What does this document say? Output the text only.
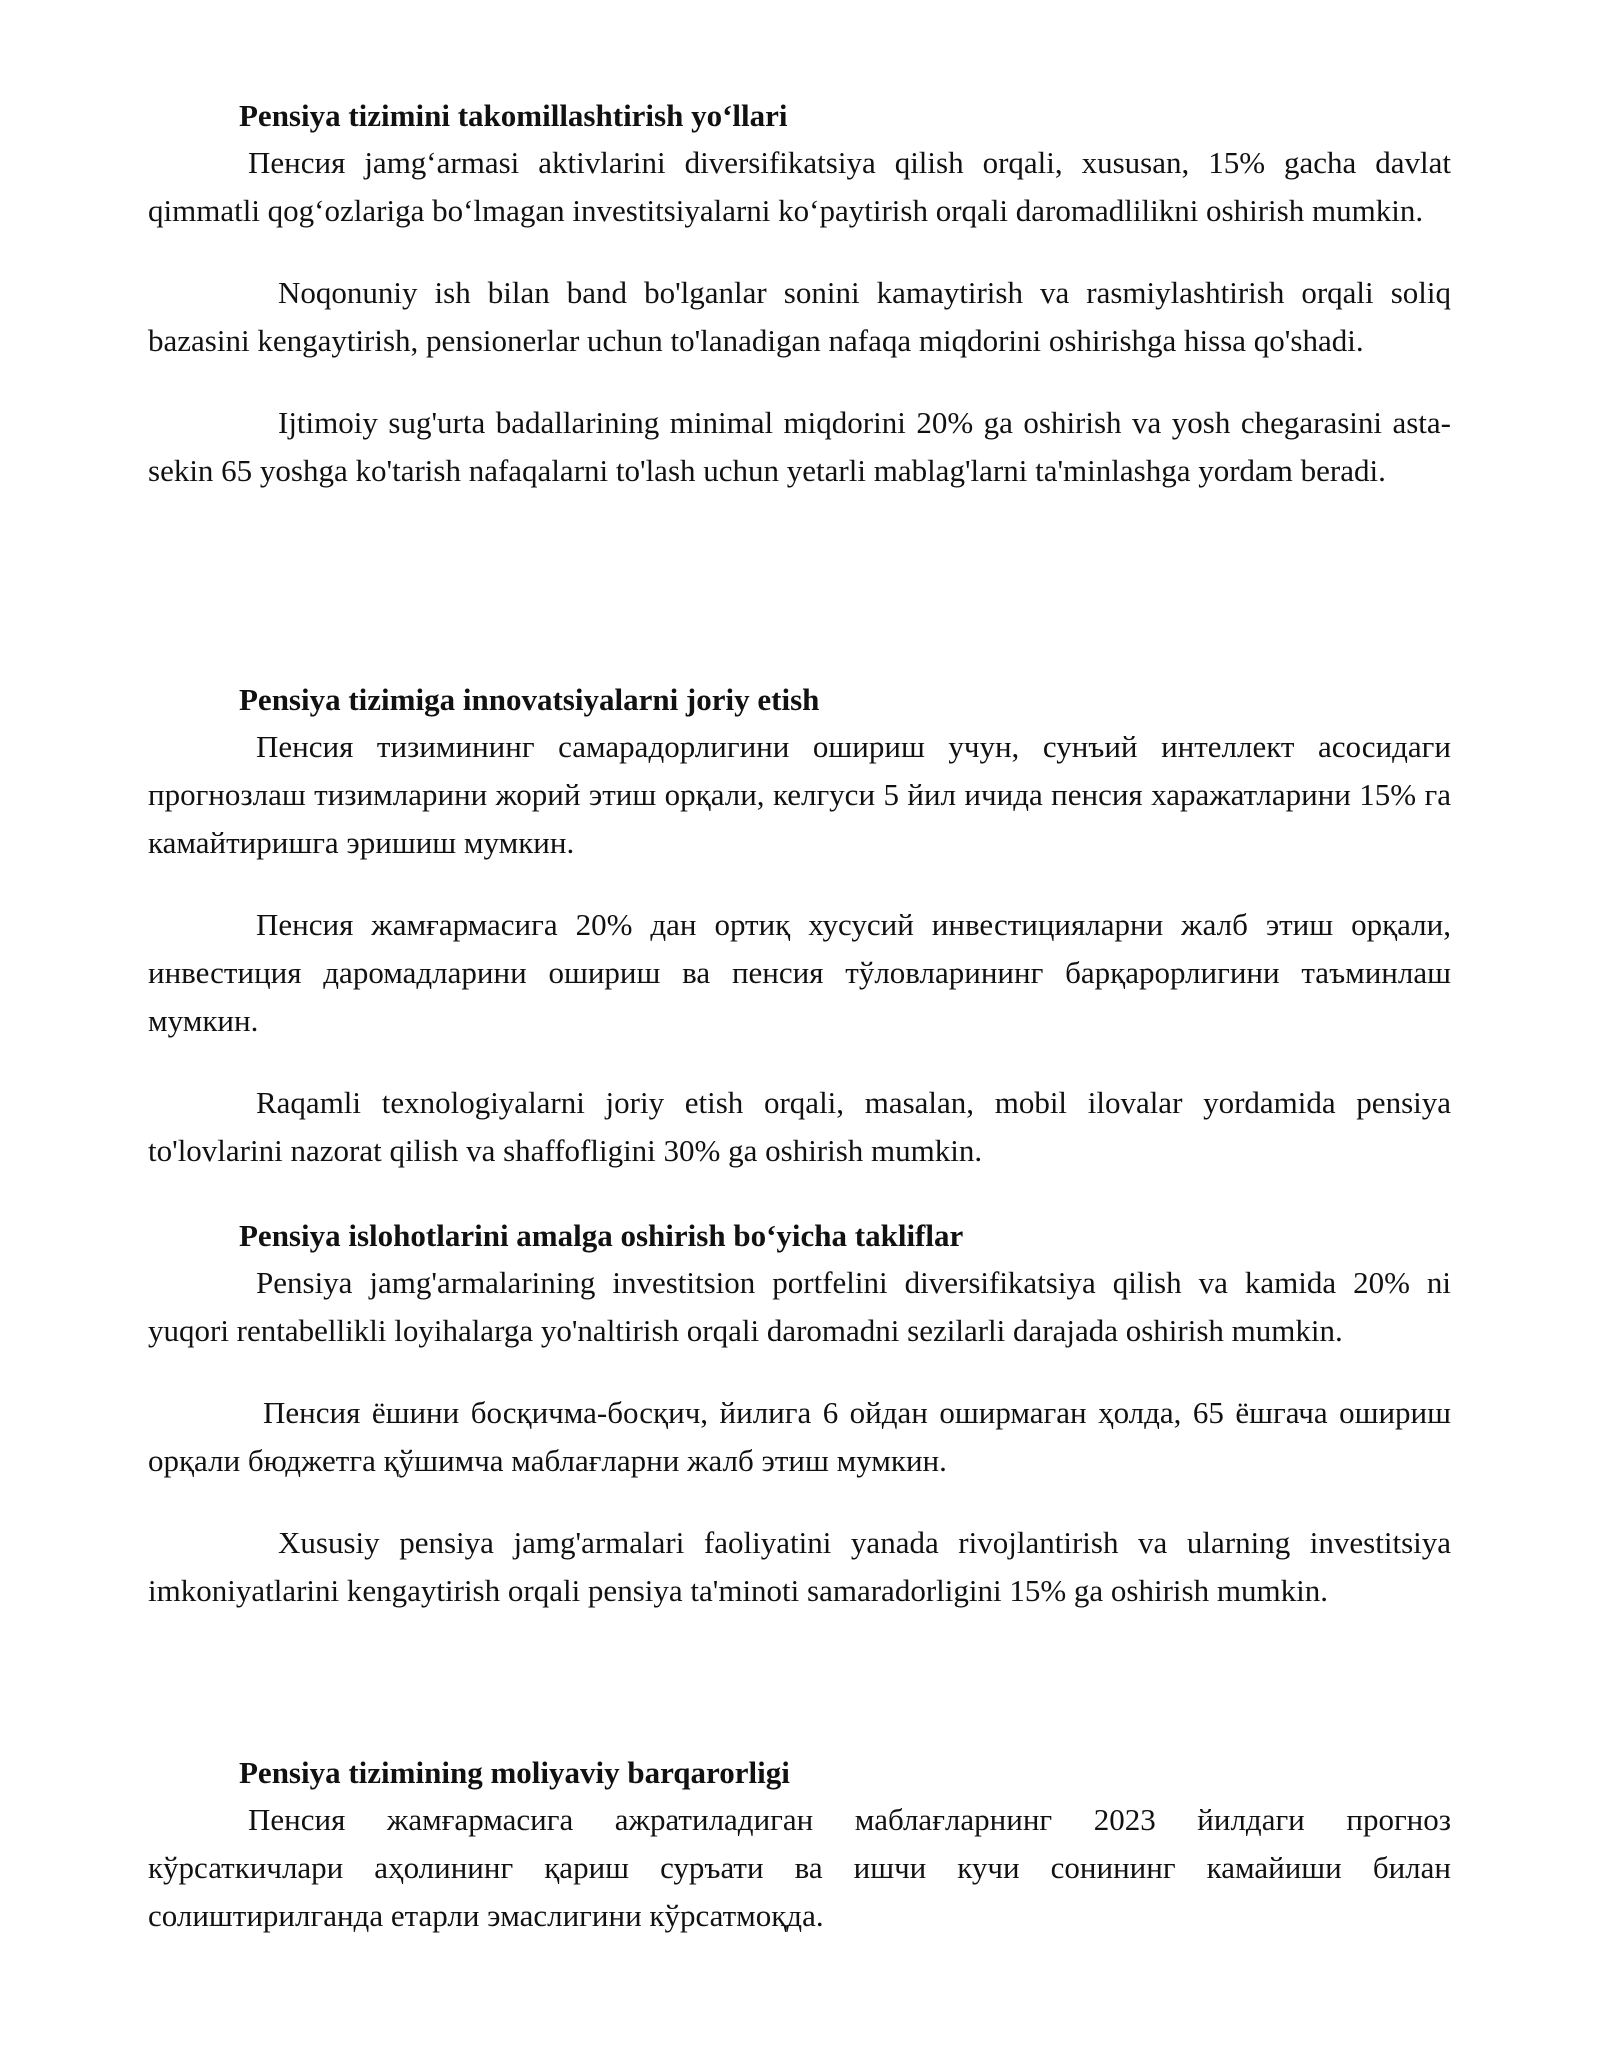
Pensiya tizimini takomillashtirish yo‘llari

Пенсия jamg‘armasi aktivlarini diversifikatsiya qilish orqali, xususan, 15% gacha davlat qimmatli qog‘ozlariga bo‘lmagan investitsiyalarni ko‘paytirish orqali daromadlilikni oshirish mumkin.

Noqonuniy ish bilan band bo'lganlar sonini kamaytirish va rasmiylashtirish orqali soliq bazasini kengaytirish, pensionerlar uchun to'lanadigan nafaqa miqdorini oshirishga hissa qo'shadi.

Ijtimoiy sug'urta badallarining minimal miqdorini 20% ga oshirish va yosh chegarasini asta-sekin 65 yoshga ko'tarish nafaqalarni to'lash uchun yetarli mablag'larni ta'minlashga yordam beradi.

Pensiya tizimiga innovatsiyalarni joriy etish

Пенсия тизимининг самарадорлигини ошириш учун, сунъий интеллект асосидаги прогнозлаш тизимларини жорий этиш орқали, келгуси 5 йил ичида пенсия харажатларини 15% га камайтиришга эришиш мумкин.

Пенсия жамғармасига 20% дан ортиқ хусусий инвестицияларни жалб этиш орқали, инвестиция даромадларини ошириш ва пенсия тўловларининг барқарорлигини таъминлаш мумкин.

Raqamli texnologiyalarni joriy etish orqali, masalan, mobil ilovalar yordamida pensiya to'lovlarini nazorat qilish va shaffofligini 30% ga oshirish mumkin.

Pensiya islohotlarini amalga oshirish bo‘yicha takliflar

Pensiya jamg'armalarining investitsion portfelini diversifikatsiya qilish va kamida 20% ni yuqori rentabellikli loyihalarga yo'naltirish orqali daromadni sezilarli darajada oshirish mumkin.

Пенсия ёшини босқичма-босқич, йилига 6 ойдан оширмаган ҳолда, 65 ёшгача ошириш орқали бюджетга қўшимча маблағларни жалб этиш мумкин.

Xususiy pensiya jamg'armalari faoliyatini yanada rivojlantirish va ularning investitsiya imkoniyatlarini kengaytirish orqali pensiya ta'minoti samaradorligini 15% ga oshirish mumkin.

Pensiya tizimining moliyaviy barqarorligi

Пенсия жамғармасига ажратиладиган маблағларнинг 2023 йилдаги прогноз кўрсаткичлари аҳолининг қариш суръати ва ишчи кучи сонининг камайиши билан солиштирилганда етарли эмаслигини кўрсатмоқда.
